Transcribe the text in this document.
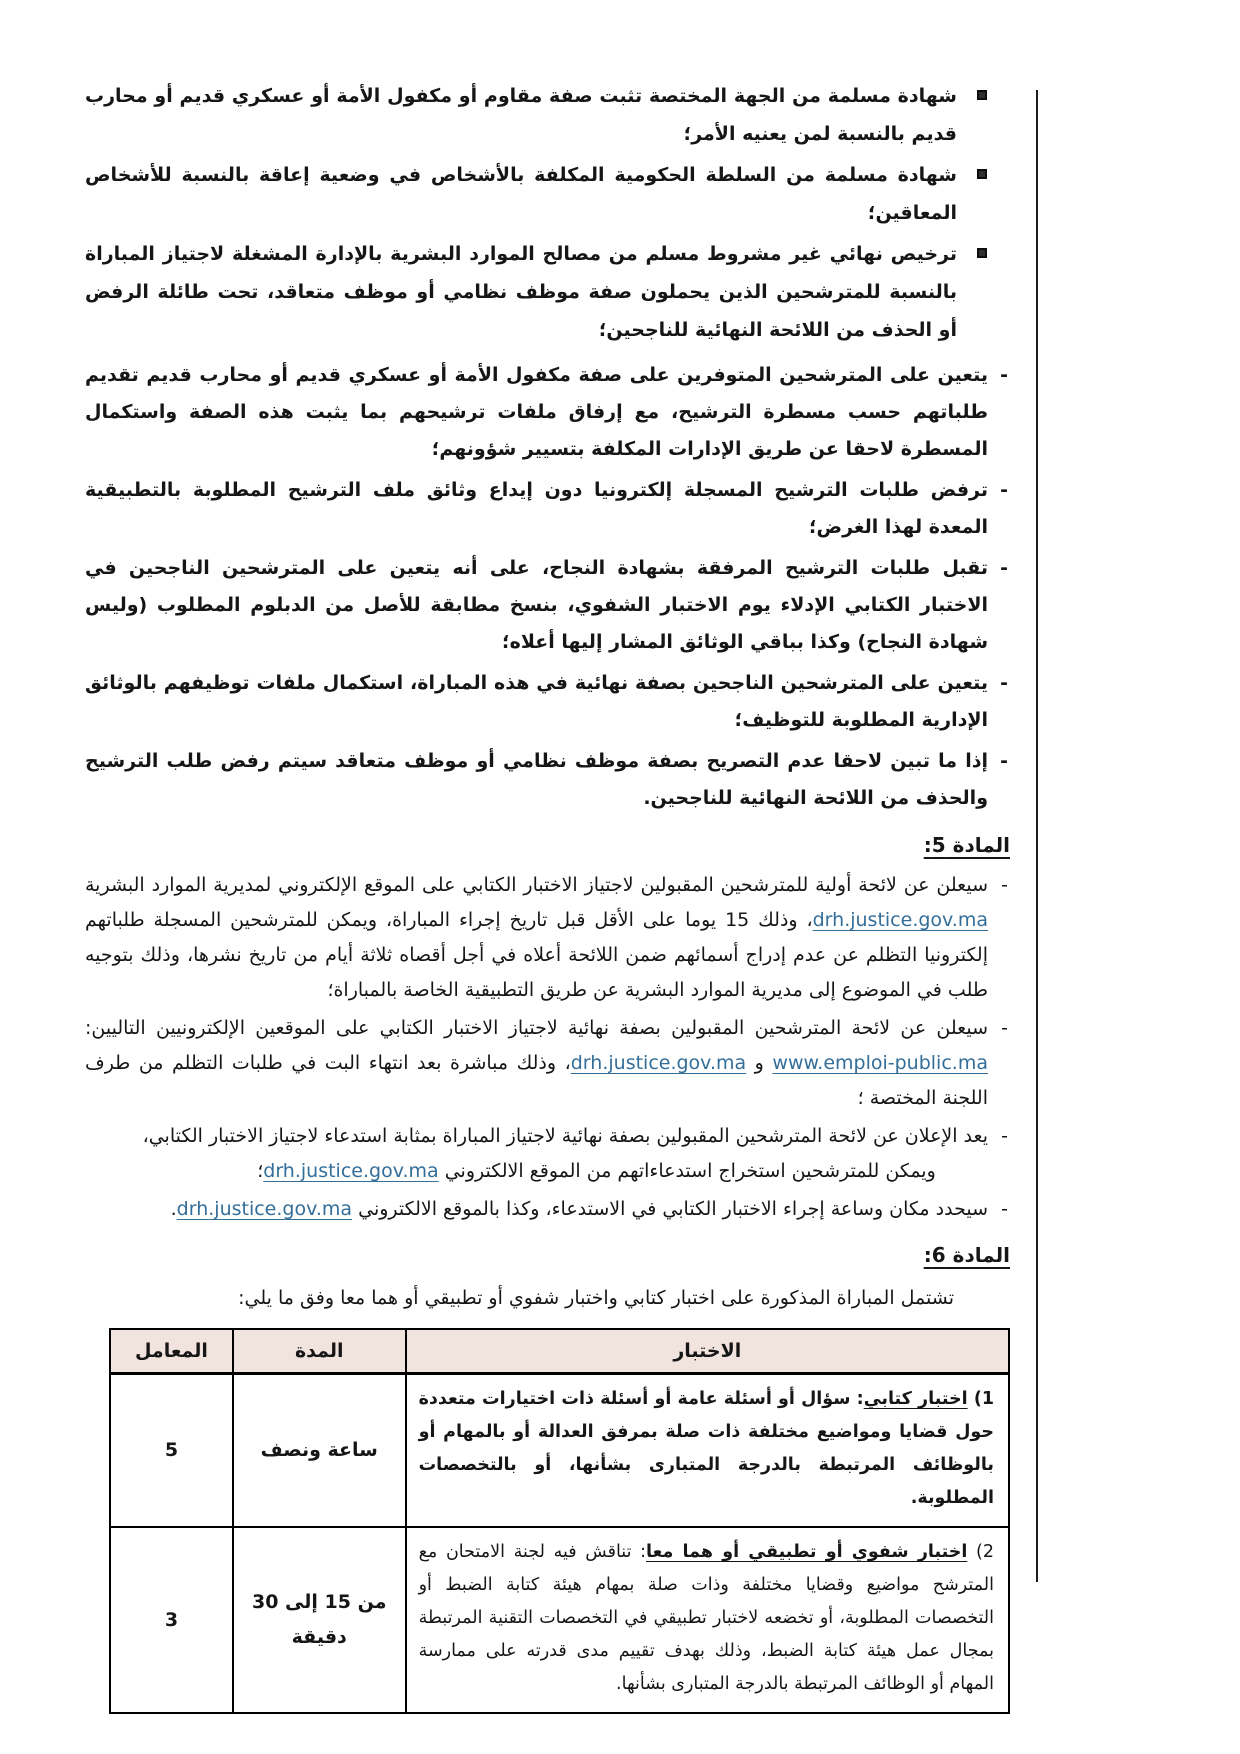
شهادة مسلمة من الجهة المختصة تثبت صفة مقاوم أو مكفول الأمة أو عسكري قديم أو محارب قديم بالنسبة لمن يعنيه الأمر؛
شهادة مسلمة من السلطة الحكومية المكلفة بالأشخاص في وضعية إعاقة بالنسبة للأشخاص المعاقين؛
ترخيص نهائي غير مشروط مسلم من مصالح الموارد البشرية بالإدارة المشغلة لاجتياز المباراة بالنسبة للمترشحين الذين يحملون صفة موظف نظامي أو موظف متعاقد، تحت طائلة الرفض أو الحذف من اللائحة النهائية للناجحين؛
-
يتعين على المترشحين المتوفرين على صفة مكفول الأمة أو عسكري قديم أو محارب قديم تقديم طلباتهم حسب مسطرة الترشيح، مع إرفاق ملفات ترشيحهم بما يثبت هذه الصفة واستكمال المسطرة لاحقا عن طريق الإدارات المكلفة بتسيير شؤونهم؛
-
ترفض طلبات الترشيح المسجلة إلكترونيا دون إيداع وثائق ملف الترشيح المطلوبة بالتطبيقية المعدة لهذا الغرض؛
-
تقبل طلبات الترشيح المرفقة بشهادة النجاح، على أنه يتعين على المترشحين الناجحين في الاختبار الكتابي الإدلاء يوم الاختبار الشفوي، بنسخ مطابقة للأصل من الدبلوم المطلوب (وليس شهادة النجاح) وكذا بباقي الوثائق المشار إليها أعلاه؛
-
يتعين على المترشحين الناجحين بصفة نهائية في هذه المباراة، استكمال ملفات توظيفهم بالوثائق الإدارية المطلوبة للتوظيف؛
-
إذا ما تبين لاحقا عدم التصريح بصفة موظف نظامي أو موظف متعاقد سيتم رفض طلب الترشيح والحذف من اللائحة النهائية للناجحين.
المادة 5:
-
سيعلن عن لائحة أولية للمترشحين المقبولين لاجتياز الاختبار الكتابي على الموقع الإلكتروني لمديرية الموارد البشرية drh.justice.gov.ma، وذلك 15 يوما على الأقل قبل تاريخ إجراء المباراة، ويمكن للمترشحين المسجلة طلباتهم إلكترونيا التظلم عن عدم إدراج أسمائهم ضمن اللائحة أعلاه في أجل أقصاه ثلاثة أيام من تاريخ نشرها، وذلك بتوجيه طلب في الموضوع إلى مديرية الموارد البشرية عن طريق التطبيقية الخاصة بالمباراة؛
-
سيعلن عن لائحة المترشحين المقبولين بصفة نهائية لاجتياز الاختبار الكتابي على الموقعين الإلكترونيين التاليين: www.emploi-public.ma و drh.justice.gov.ma، وذلك مباشرة بعد انتهاء البت في طلبات التظلم من طرف اللجنة المختصة ؛
-
يعد الإعلان عن لائحة المترشحين المقبولين بصفة نهائية لاجتياز المباراة بمثابة استدعاء لاجتياز الاختبار الكتابي،
ويمكن للمترشحين استخراج استدعاءاتهم من الموقع الالكتروني drh.justice.gov.ma؛
-
سيحدد مكان وساعة إجراء الاختبار الكتابي في الاستدعاء، وكذا بالموقع الالكتروني drh.justice.gov.ma.
المادة 6:
تشتمل المباراة المذكورة على اختبار كتابي واختبار شفوي أو تطبيقي أو هما معا وفق ما يلي:
الاختبار	المدة	المعامل
1) اختبار كتابي: سؤال أو أسئلة عامة أو أسئلة ذات اختيارات متعددة حول قضايا ومواضيع مختلفة ذات صلة بمرفق العدالة أو بالمهام أو بالوظائف المرتبطة بالدرجة المتبارى بشأنها، أو بالتخصصات المطلوبة.	ساعة ونصف	5
2) اختبار شفوي أو تطبيقي أو هما معا: تناقش فيه لجنة الامتحان مع المترشح مواضيع وقضايا مختلفة وذات صلة بمهام هيئة كتابة الضبط أو التخصصات المطلوبة، أو تخضعه لاختبار تطبيقي في التخصصات التقنية المرتبطة بمجال عمل هيئة كتابة الضبط، وذلك بهدف تقييم مدى قدرته على ممارسة المهام أو الوظائف المرتبطة بالدرجة المتبارى بشأنها.	من 15 إلى 30
دقيقة	3
